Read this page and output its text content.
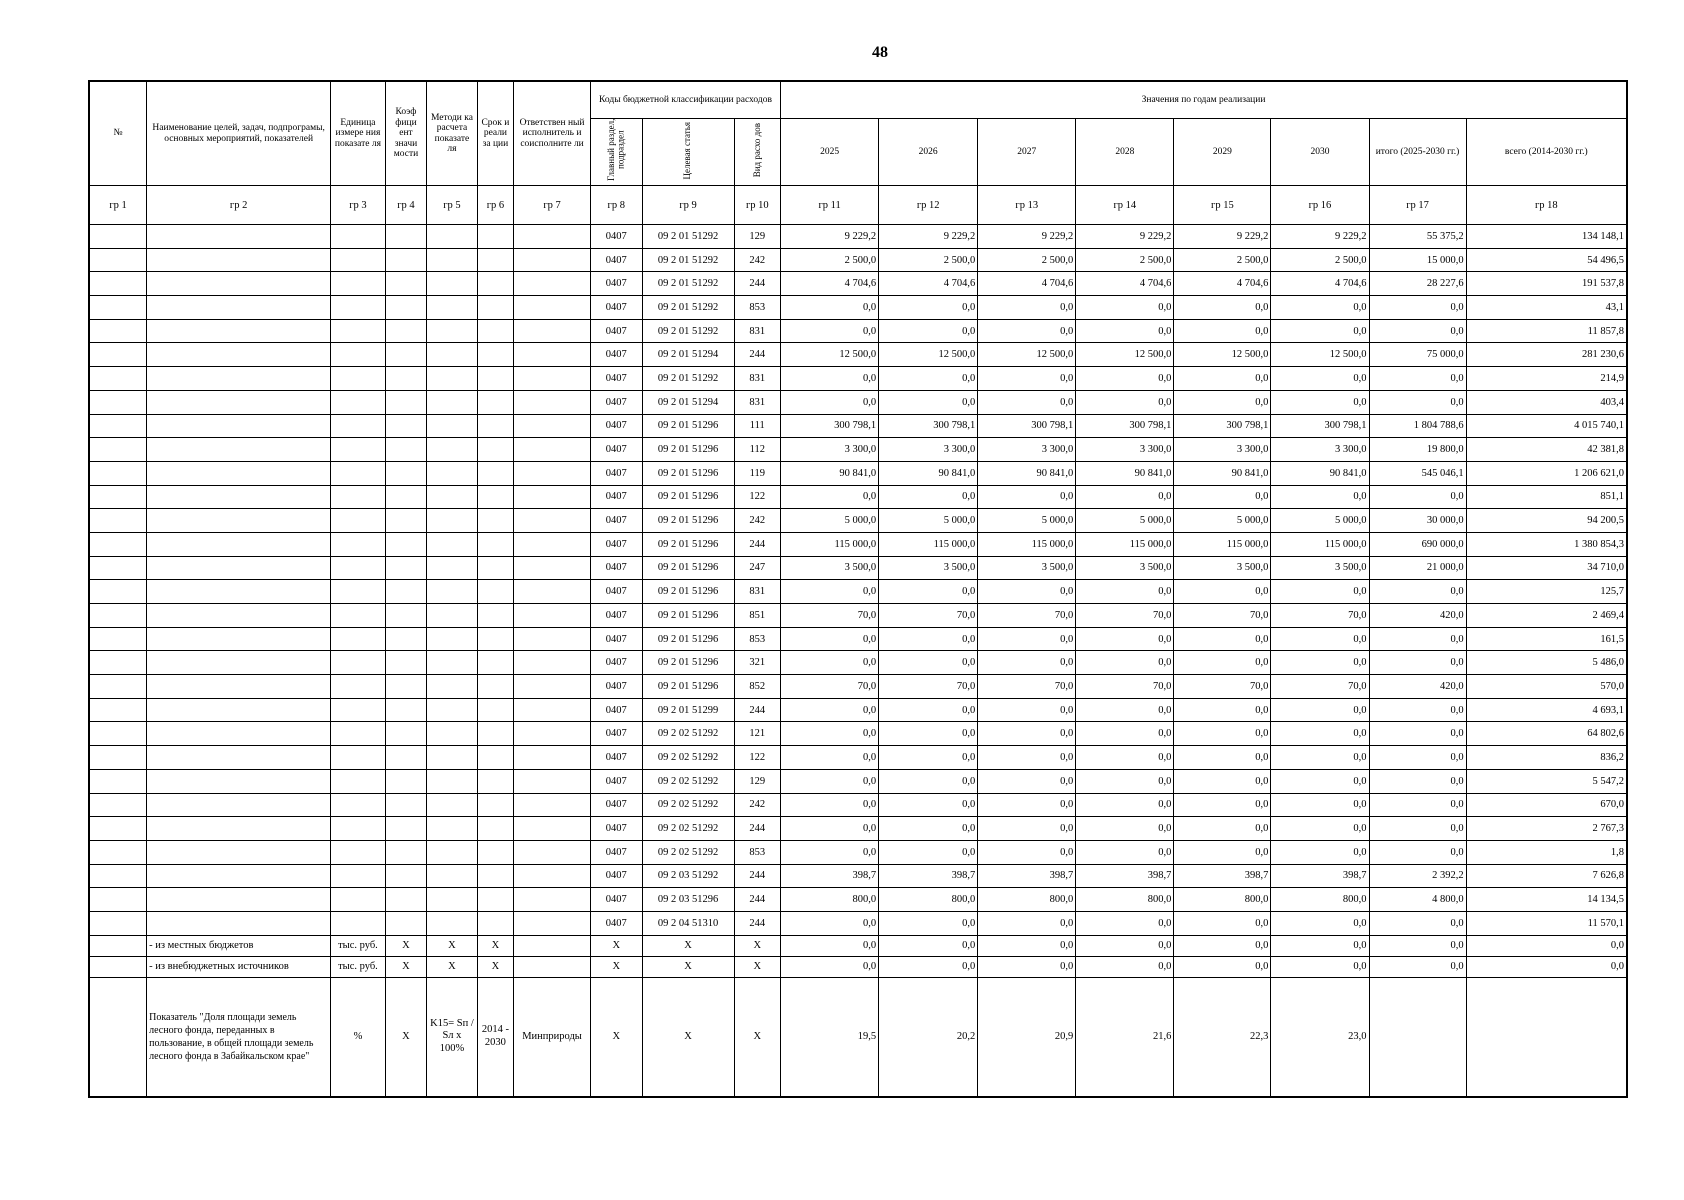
48
№	Наименование целей, задач, подпрограмы, основных мероприятий, показателей	Единица измере ния показате ля	Коэф фици ент значи мости	Методи ка расчета показате ля	Срок и реали за ции	Ответствен ный исполнитель и соисполните ли	Коды бюджетной классификации расходов			Значения по годам реализации							
							Главный раздел, подраздел	Целевая статья	Вид расхо дов	2025	2026	2027	2028	2029	2030	итого (2025-2030 гг.)	всего (2014-2030 гг.)
гр 1	гр 2	гр 3	гр 4	гр 5	гр 6	гр 7	гр 8	гр 9	гр 10	гр 11	гр 12	гр 13	гр 14	гр 15	гр 16	гр 17	гр 18
							0407	09 2 01 51292	129	9 229,2	9 229,2	9 229,2	9 229,2	9 229,2	9 229,2	55 375,2	134 148,1
							0407	09 2 01 51292	242	2 500,0	2 500,0	2 500,0	2 500,0	2 500,0	2 500,0	15 000,0	54 496,5
							0407	09 2 01 51292	244	4 704,6	4 704,6	4 704,6	4 704,6	4 704,6	4 704,6	28 227,6	191 537,8
							0407	09 2 01 51292	853	0,0	0,0	0,0	0,0	0,0	0,0	0,0	43,1
							0407	09 2 01 51292	831	0,0	0,0	0,0	0,0	0,0	0,0	0,0	11 857,8
							0407	09 2 01 51294	244	12 500,0	12 500,0	12 500,0	12 500,0	12 500,0	12 500,0	75 000,0	281 230,6
							0407	09 2 01 51292	831	0,0	0,0	0,0	0,0	0,0	0,0	0,0	214,9
							0407	09 2 01 51294	831	0,0	0,0	0,0	0,0	0,0	0,0	0,0	403,4
							0407	09 2 01 51296	111	300 798,1	300 798,1	300 798,1	300 798,1	300 798,1	300 798,1	1 804 788,6	4 015 740,1
							0407	09 2 01 51296	112	3 300,0	3 300,0	3 300,0	3 300,0	3 300,0	3 300,0	19 800,0	42 381,8
							0407	09 2 01 51296	119	90 841,0	90 841,0	90 841,0	90 841,0	90 841,0	90 841,0	545 046,1	1 206 621,0
							0407	09 2 01 51296	122	0,0	0,0	0,0	0,0	0,0	0,0	0,0	851,1
							0407	09 2 01 51296	242	5 000,0	5 000,0	5 000,0	5 000,0	5 000,0	5 000,0	30 000,0	94 200,5
							0407	09 2 01 51296	244	115 000,0	115 000,0	115 000,0	115 000,0	115 000,0	115 000,0	690 000,0	1 380 854,3
							0407	09 2 01 51296	247	3 500,0	3 500,0	3 500,0	3 500,0	3 500,0	3 500,0	21 000,0	34 710,0
							0407	09 2 01 51296	831	0,0	0,0	0,0	0,0	0,0	0,0	0,0	125,7
							0407	09 2 01 51296	851	70,0	70,0	70,0	70,0	70,0	70,0	420,0	2 469,4
							0407	09 2 01 51296	853	0,0	0,0	0,0	0,0	0,0	0,0	0,0	161,5
							0407	09 2 01 51296	321	0,0	0,0	0,0	0,0	0,0	0,0	0,0	5 486,0
							0407	09 2 01 51296	852	70,0	70,0	70,0	70,0	70,0	70,0	420,0	570,0
							0407	09 2 01 51299	244	0,0	0,0	0,0	0,0	0,0	0,0	0,0	4 693,1
							0407	09 2 02 51292	121	0,0	0,0	0,0	0,0	0,0	0,0	0,0	64 802,6
							0407	09 2 02 51292	122	0,0	0,0	0,0	0,0	0,0	0,0	0,0	836,2
							0407	09 2 02 51292	129	0,0	0,0	0,0	0,0	0,0	0,0	0,0	5 547,2
							0407	09 2 02 51292	242	0,0	0,0	0,0	0,0	0,0	0,0	0,0	670,0
							0407	09 2 02 51292	244	0,0	0,0	0,0	0,0	0,0	0,0	0,0	2 767,3
							0407	09 2 02 51292	853	0,0	0,0	0,0	0,0	0,0	0,0	0,0	1,8
							0407	09 2 03 51292	244	398,7	398,7	398,7	398,7	398,7	398,7	2 392,2	7 626,8
							0407	09 2 03 51296	244	800,0	800,0	800,0	800,0	800,0	800,0	4 800,0	14 134,5
							0407	09 2 04 51310	244	0,0	0,0	0,0	0,0	0,0	0,0	0,0	11 570,1
	- из местных бюджетов	тыс. руб.	Х	Х	Х		Х	Х	Х	0,0	0,0	0,0	0,0	0,0	0,0	0,0	0,0
	- из внебюджетных источников	тыс. руб.	Х	Х	Х		Х	Х	Х	0,0	0,0	0,0	0,0	0,0	0,0	0,0	0,0
	Показатель "Доля площади земель лесного фонда, переданных в пользование, в общей площади земель лесного фонда в Забайкальском крае"	%	Х	K15= Sп / Sл x 100%	2014 - 2030	Минприроды	Х	Х	Х	19,5	20,2	20,9	21,6	22,3	23,0		
